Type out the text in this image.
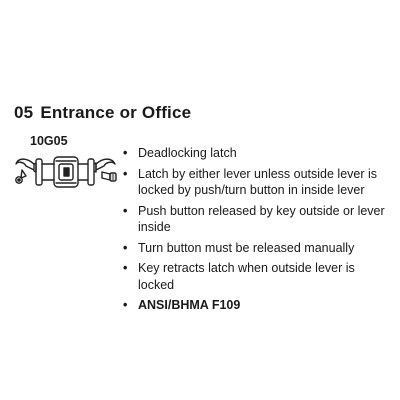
05 Entrance or Office
10G05
• Deadlocking latch
• Latch by either lever unless outside lever is locked by push/turn button in inside lever
• Push button released by key outside or lever inside
• Turn button must be released manually
• Key retracts latch when outside lever is locked
• ANSI/BHMA F109
